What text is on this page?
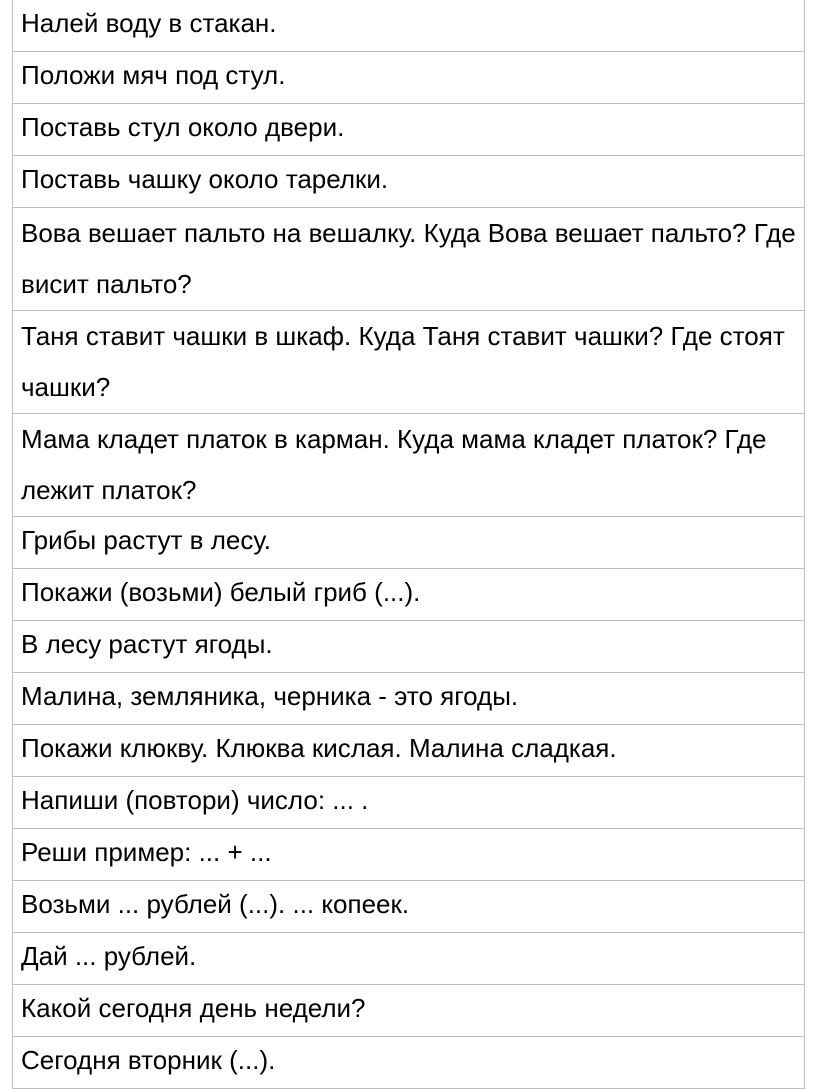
Налей воду в стакан.
Положи мяч под стул.
Поставь стул около двери.
Поставь чашку около тарелки.
Вова вешает пальто на вешалку. Куда Вова вешает пальто? Где висит пальто?
Таня ставит чашки в шкаф. Куда Таня ставит чашки? Где стоят чашки?
Мама кладет платок в карман. Куда мама кладет платок? Где лежит платок?
Грибы растут в лесу.
Покажи (возьми) белый гриб (...).
В лесу растут ягоды.
Малина, земляника, черника - это ягоды.
Покажи клюкву. Клюква кислая. Малина сладкая.
Напиши (повтори) число: ... .
Реши пример: ... + ...
Возьми ... рублей (...). ... копеек.
Дай ... рублей.
Какой сегодня день недели?
Сегодня вторник (...).
